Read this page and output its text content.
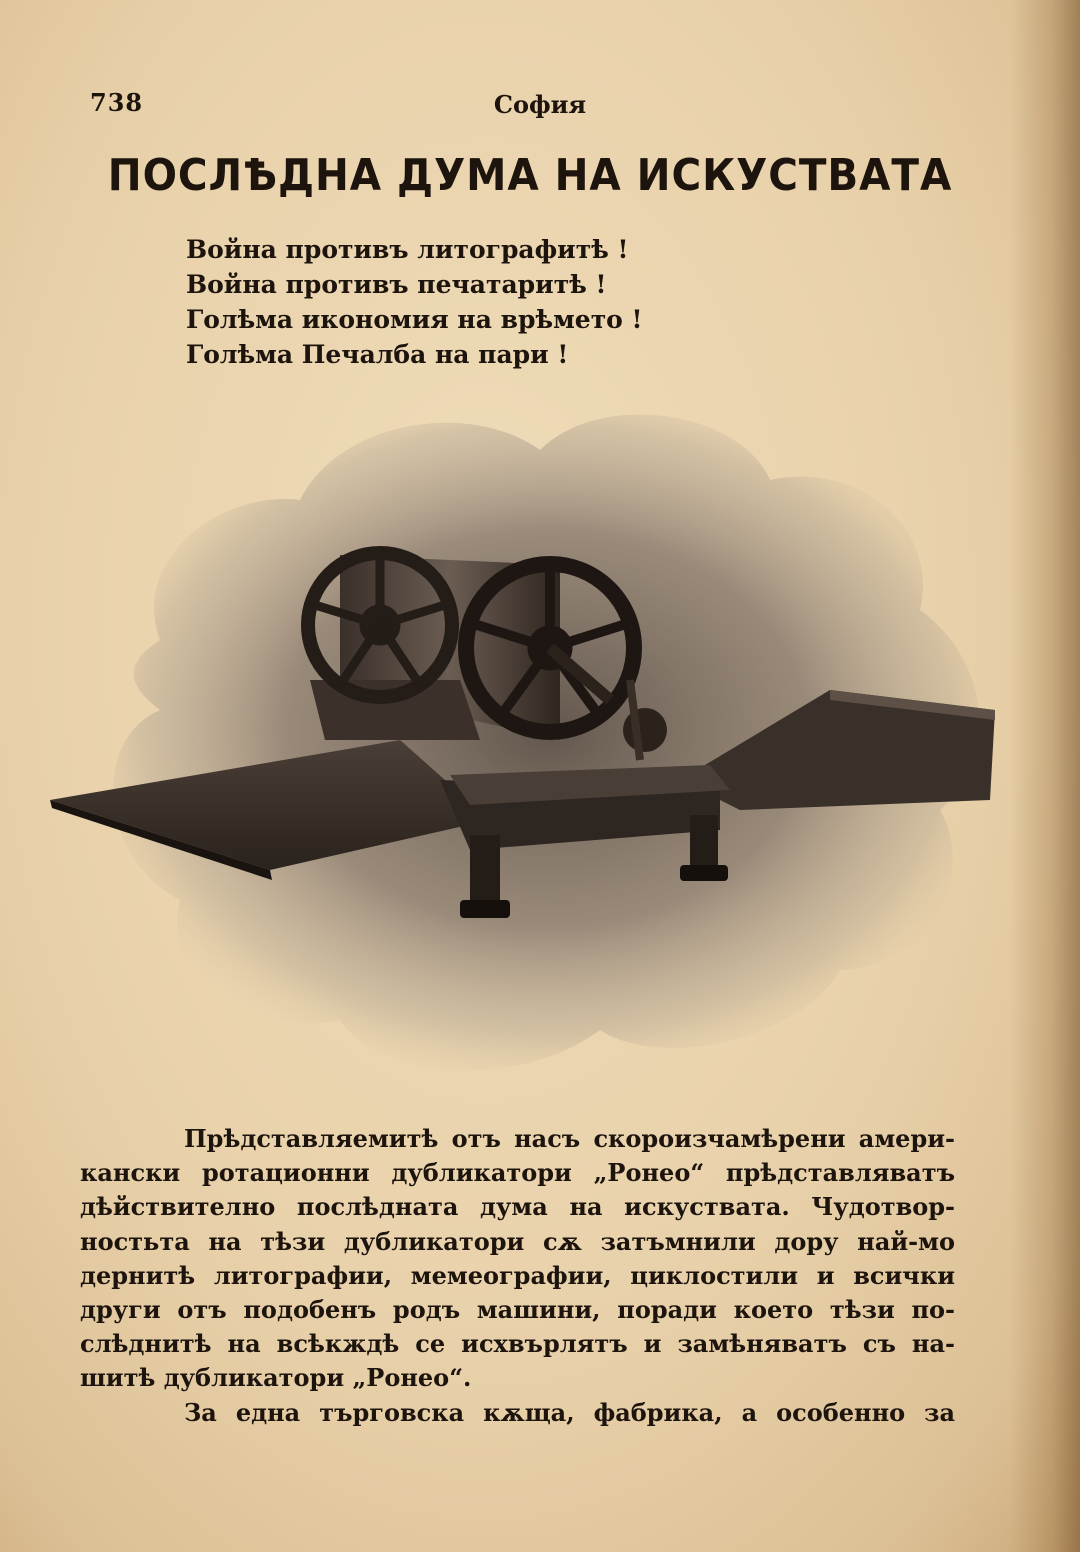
738	София
ПОСЛѢДНА ДУМА НА ИСКУСТВАТА
Война противъ литографитѣ !
Война противъ печатаритѣ !
Голѣма икономия на врѣмето !
Голѣма Печалба на пари !
Прѣдставляемитѣ отъ насъ скороизчамѣрени амери-
кански ротационни дубликатори „Ронео“ прѣдставляватъ
дѣйствително послѣдната дума на искуствата. Чудотвор-
ностьта на тѣзи дубликатори сѫ затъмнили дору най-мо
дернитѣ литографии, мемеографии, циклостили и всички
други отъ подобенъ родъ машини, поради което тѣзи по-
слѣднитѣ на всѣкждѣ се исхвърлятъ и замѣняватъ съ на-
шитѣ дубликатори „Ронео“.
За една търговска кѫща, фабрика, а особенно за
